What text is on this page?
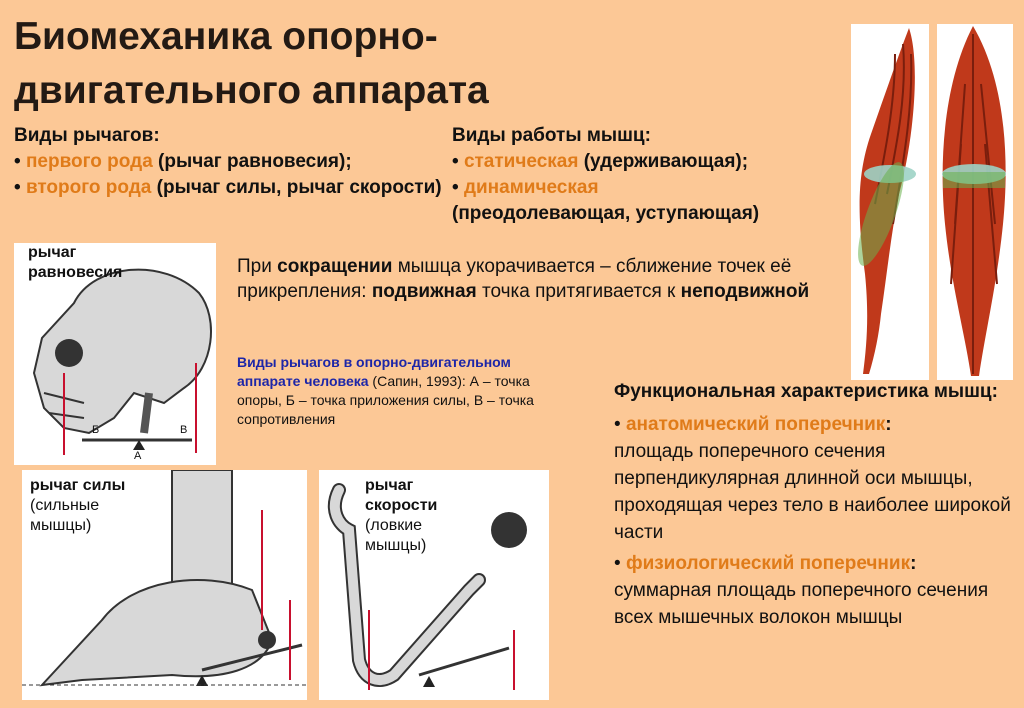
Биомеханика опорно-двигательного аппарата
Виды рычагов:
• первого рода (рычаг равновесия);
• второго рода (рычаг силы, рычаг скорости)
Виды работы мышц:
• статическая (удерживающая);
• динамическая
(преодолевающая, уступающая)
При сокращении мышца укорачивается – сближение точек её прикрепления: подвижная точка притягивается к неподвижной
Виды рычагов в опорно-двигательном аппарате человека (Сапин, 1993): А – точка опоры, Б – точка приложения силы, В – точка сопротивления
Функциональная характеристика мышц:
• анатомический поперечник:
площадь поперечного сечения перпендикулярная длинной оси мышцы, проходящая через тело в наиболее широкой части
• физиологический поперечник:
суммарная площадь поперечного сечения всех мышечных волокон мышцы
рычаг равновесия
Б
А
В
рычаг силы
(сильные мышцы)
рычаг скорости
(ловкие мышцы)
